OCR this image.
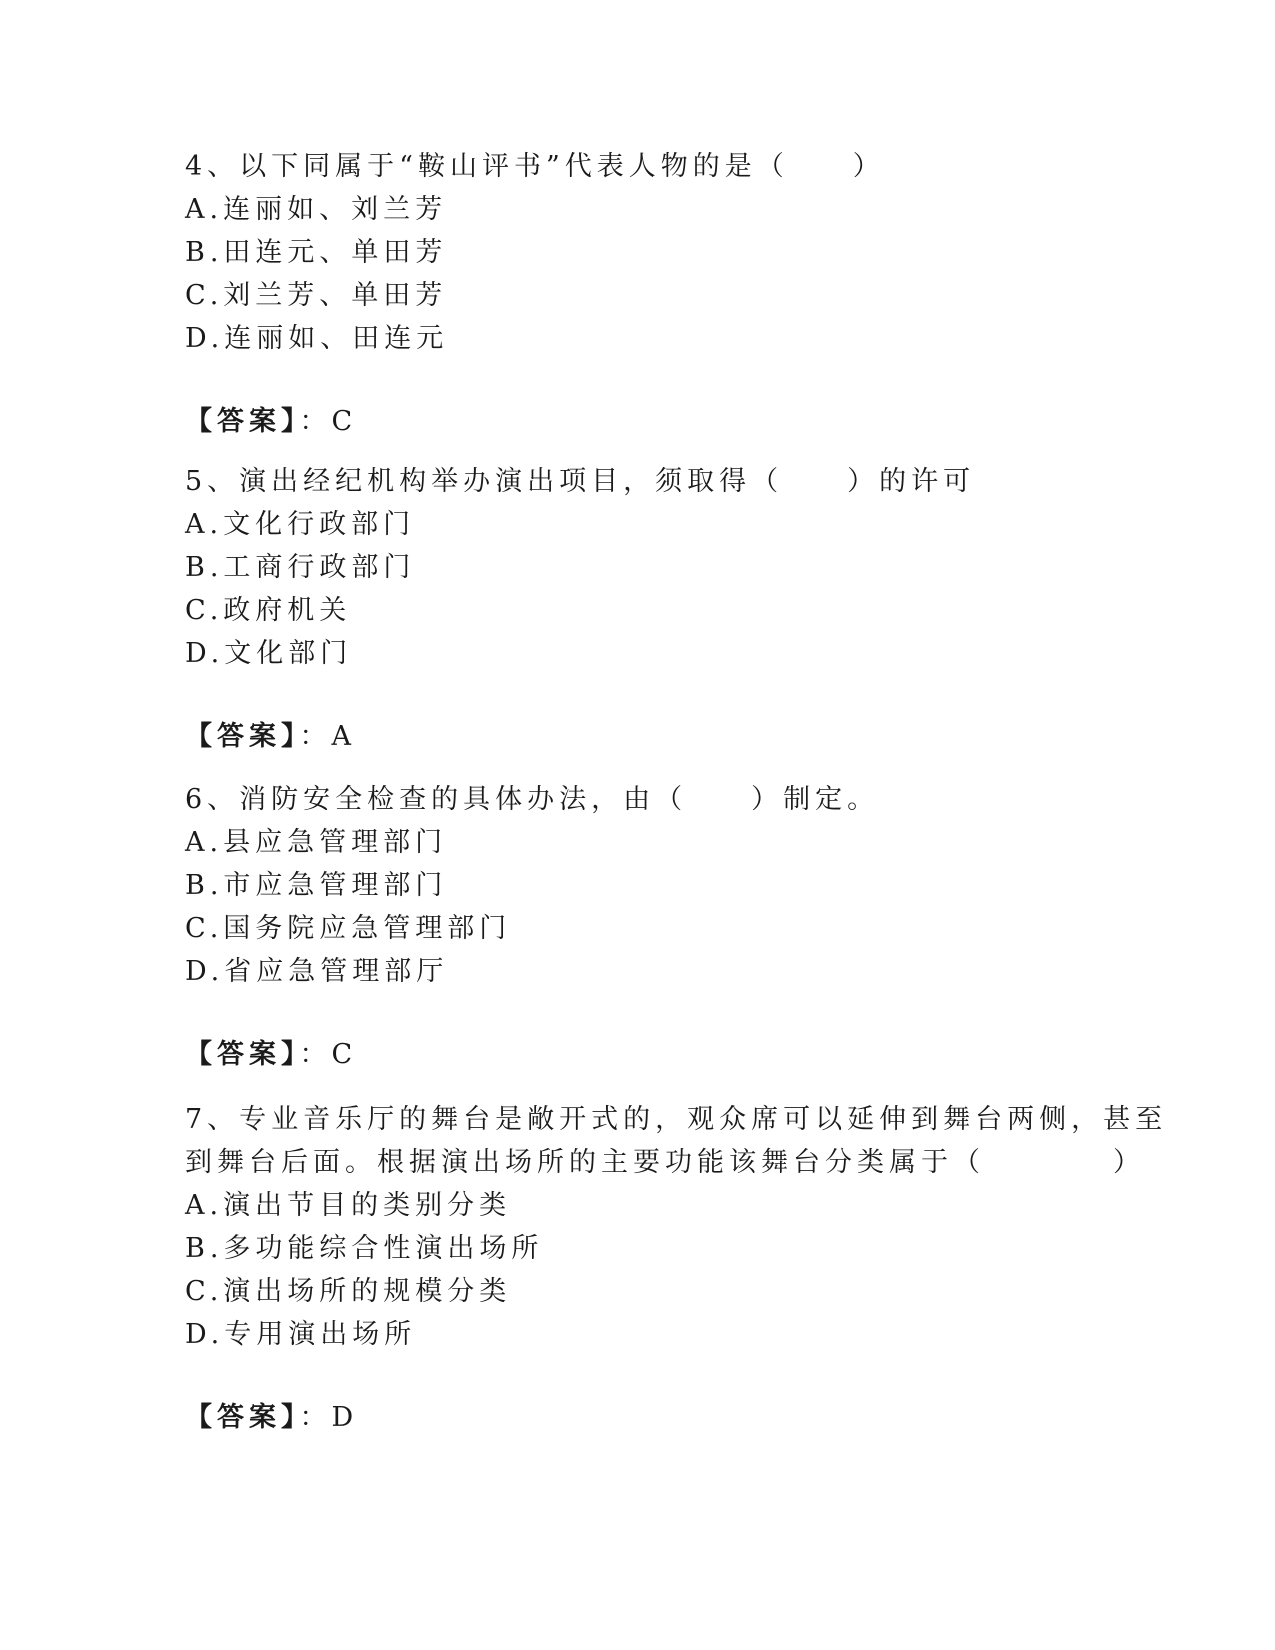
4、以下同属于“鞍山评书”代表人物的是（　　）
A.连丽如、刘兰芳
B.田连元、单田芳
C.刘兰芳、单田芳
D.连丽如、田连元
【答案】：C
5、演出经纪机构举办演出项目，须取得（　　）的许可
A.文化行政部门
B.工商行政部门
C.政府机关
D.文化部门
【答案】：A
6、消防安全检查的具体办法，由（　　）制定。
A.县应急管理部门
B.市应急管理部门
C.国务院应急管理部门
D.省应急管理部厅
【答案】：C
7、专业音乐厅的舞台是敞开式的，观众席可以延伸到舞台两侧，甚至
到舞台后面。根据演出场所的主要功能该舞台分类属于（　　　　）
A.演出节目的类别分类
B.多功能综合性演出场所
C.演出场所的规模分类
D.专用演出场所
【答案】：D
